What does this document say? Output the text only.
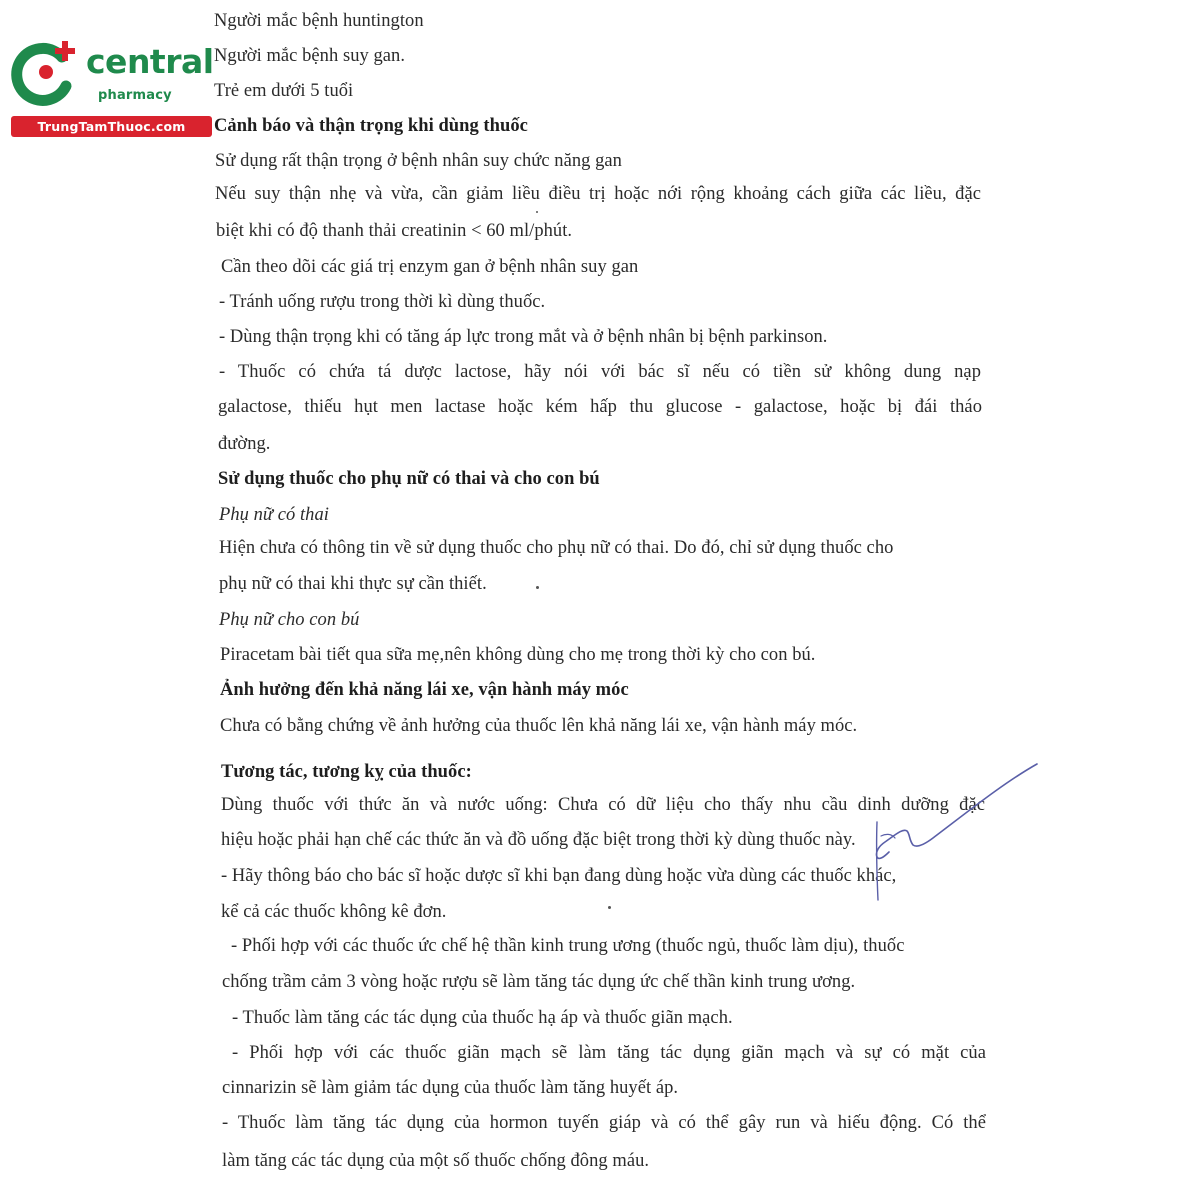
central
pharmacy
TrungTamThuoc.com
Người mắc bệnh huntington
Người mắc bệnh suy gan.
Trẻ em dưới 5 tuổi
Cảnh báo và thận trọng khi dùng thuốc
Sử dụng rất thận trọng ở bệnh nhân suy chức năng gan
Nếu suy thận nhẹ và vừa, cần giảm liều điều trị hoặc nới rộng khoảng cách giữa các liều, đặc
biệt khi có độ thanh thải creatinin < 60 ml/phút.
Cần theo dõi các giá trị enzym gan ở bệnh nhân suy gan
- Tránh uống rượu trong thời kì dùng thuốc.
- Dùng thận trọng khi có tăng áp lực trong mắt và ở bệnh nhân bị bệnh parkinson.
- Thuốc có chứa tá dược lactose, hãy nói với bác sĩ nếu có tiền sử không dung nạp
galactose, thiếu hụt men lactase hoặc kém hấp thu glucose - galactose, hoặc bị đái tháo
đường.
Sử dụng thuốc cho phụ nữ có thai và cho con bú
Phụ nữ có thai
Hiện chưa có thông tin về sử dụng thuốc cho phụ nữ có thai. Do đó, chỉ sử dụng thuốc cho
phụ nữ có thai khi thực sự cần thiết.
Phụ nữ cho con bú
Piracetam bài tiết qua sữa mẹ,nên không dùng cho mẹ trong thời kỳ cho con bú.
Ảnh hưởng đến khả năng lái xe, vận hành máy móc
Chưa có bằng chứng về ảnh hưởng của thuốc lên khả năng lái xe, vận hành máy móc.
Tương tác, tương kỵ của thuốc:
Dùng thuốc với thức ăn và nước uống: Chưa có dữ liệu cho thấy nhu cầu dinh dưỡng đặc
hiệu hoặc phải hạn chế các thức ăn và đồ uống đặc biệt trong thời kỳ dùng thuốc này.
- Hãy thông báo cho bác sĩ hoặc dược sĩ khi bạn đang dùng hoặc vừa dùng các thuốc khác,
kể cả các thuốc không kê đơn.
- Phối hợp với các thuốc ức chế hệ thần kinh trung ương (thuốc ngủ, thuốc làm dịu), thuốc
chống trầm cảm 3 vòng hoặc rượu sẽ làm tăng tác dụng ức chế thần kinh trung ương.
- Thuốc làm tăng các tác dụng của thuốc hạ áp và thuốc giãn mạch.
- Phối hợp với các thuốc giãn mạch sẽ làm tăng tác dụng giãn mạch và sự có mặt của
cinnarizin sẽ làm giảm tác dụng của thuốc làm tăng huyết áp.
- Thuốc làm tăng tác dụng của hormon tuyến giáp và có thể gây run và hiếu động. Có thể
làm tăng các tác dụng của một số thuốc chống đông máu.
